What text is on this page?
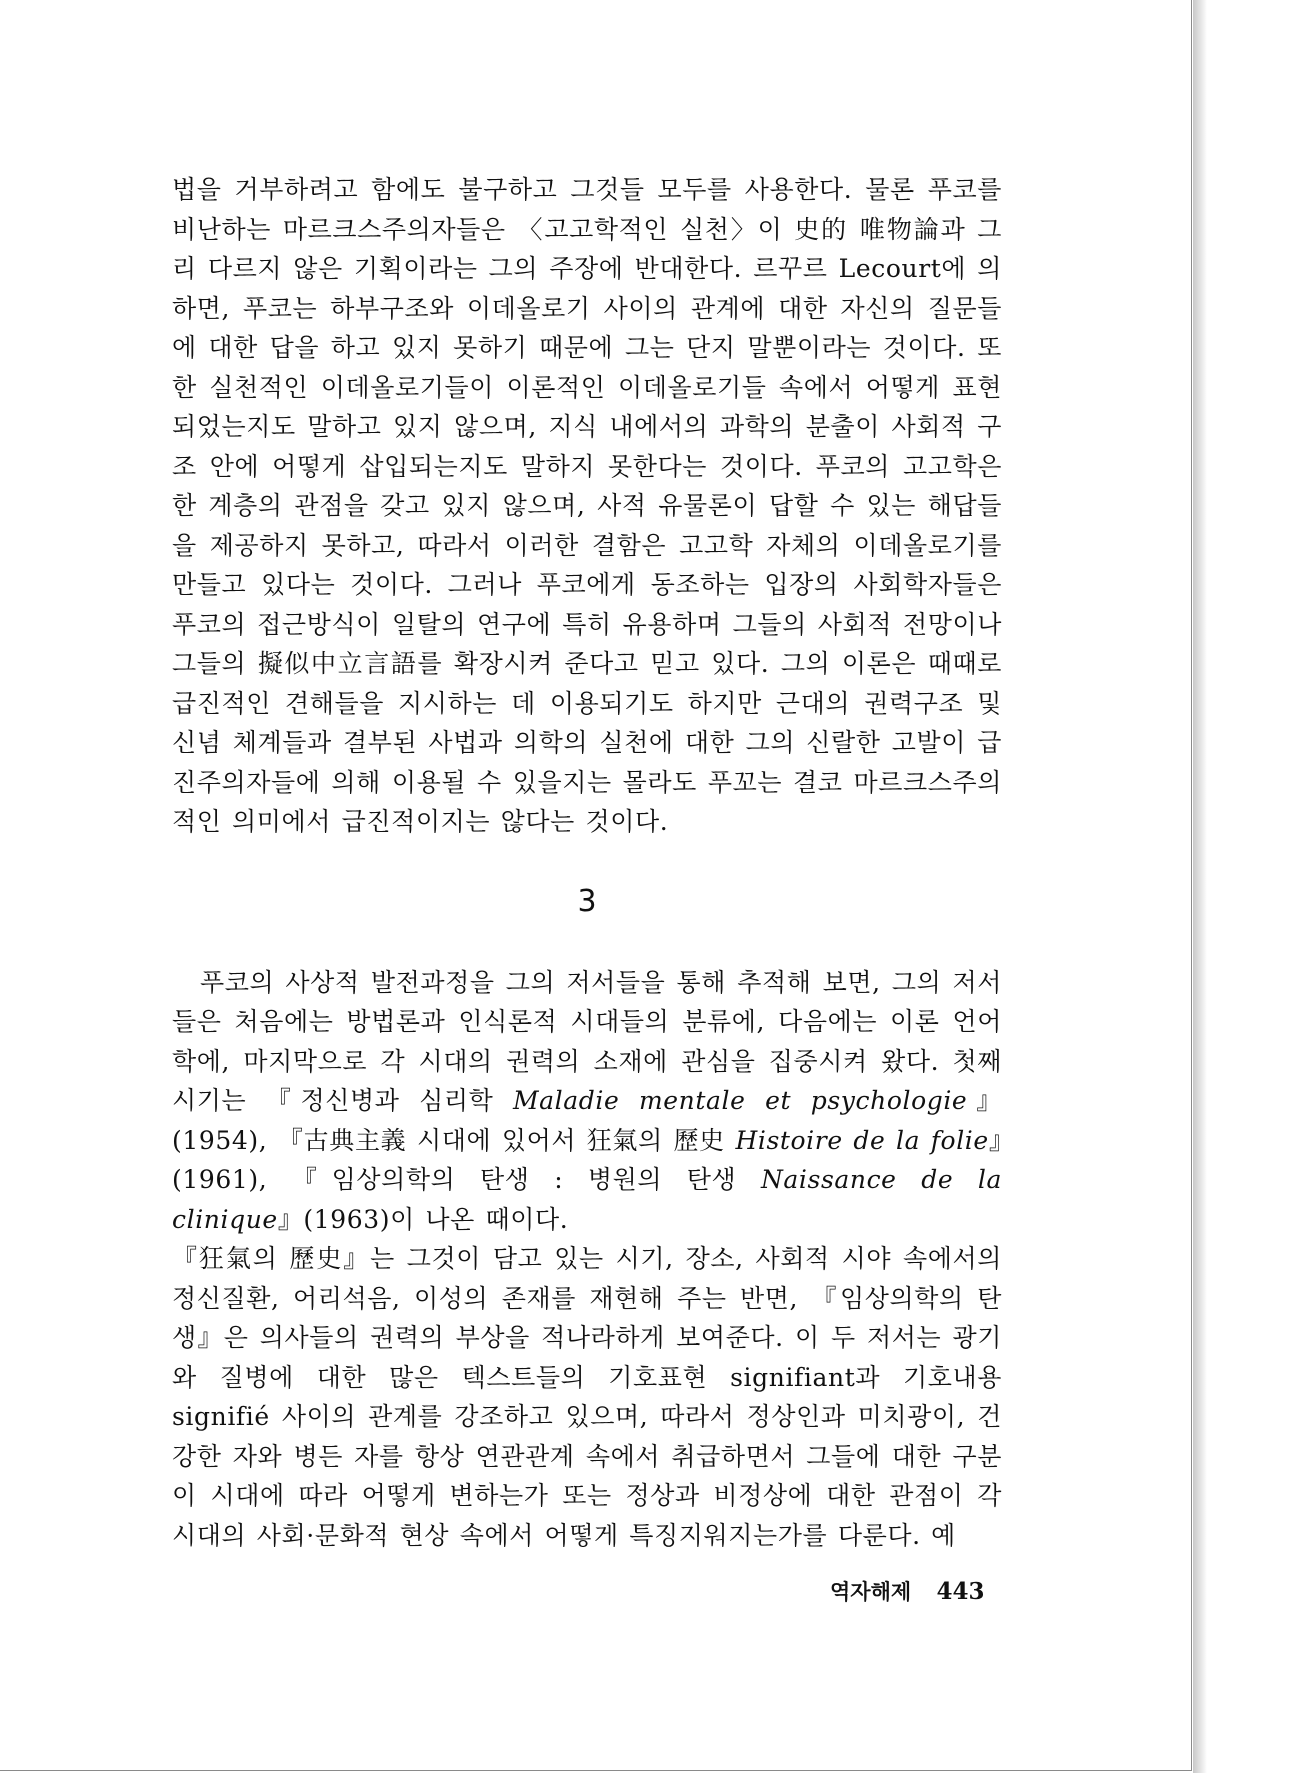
법을 거부하려고 함에도 불구하고 그것들 모두를 사용한다. 물론 푸코를 비난하는 마르크스주의자들은 〈고고학적인 실천〉이 史的 唯物論과 그리 다르지 않은 기획이라는 그의 주장에 반대한다. 르꾸르 Lecourt에 의하면, 푸코는 하부구조와 이데올로기 사이의 관계에 대한 자신의 질문들에 대한 답을 하고 있지 못하기 때문에 그는 단지 말뿐이라는 것이다. 또한 실천적인 이데올로기들이 이론적인 이데올로기들 속에서 어떻게 표현되었는지도 말하고 있지 않으며, 지식 내에서의 과학의 분출이 사회적 구조 안에 어떻게 삽입되는지도 말하지 못한다는 것이다. 푸코의 고고학은 한 계층의 관점을 갖고 있지 않으며, 사적 유물론이 답할 수 있는 해답들을 제공하지 못하고, 따라서 이러한 결함은 고고학 자체의 이데올로기를 만들고 있다는 것이다. 그러나 푸코에게 동조하는 입장의 사회학자들은 푸코의 접근방식이 일탈의 연구에 특히 유용하며 그들의 사회적 전망이나 그들의 擬似中立言語를 확장시켜 준다고 믿고 있다. 그의 이론은 때때로 급진적인 견해들을 지시하는 데 이용되기도 하지만 근대의 권력구조 및 신념 체계들과 결부된 사법과 의학의 실천에 대한 그의 신랄한 고발이 급진주의자들에 의해 이용될 수 있을지는 몰라도 푸꼬는 결코 마르크스주의적인 의미에서 급진적이지는 않다는 것이다.

3

푸코의 사상적 발전과정을 그의 저서들을 통해 추적해 보면, 그의 저서들은 처음에는 방법론과 인식론적 시대들의 분류에, 다음에는 이론 언어학에, 마지막으로 각 시대의 권력의 소재에 관심을 집중시켜 왔다. 첫째 시기는 『정신병과 심리학 Maladie mentale et psychologie』(1954), 『古典主義 시대에 있어서 狂氣의 歷史 Histoire de la folie』(1961), 『임상의학의 탄생 : 병원의 탄생 Naissance de la clinique』(1963)이 나온 때이다.

『狂氣의 歷史』는 그것이 담고 있는 시기, 장소, 사회적 시야 속에서의 정신질환, 어리석음, 이성의 존재를 재현해 주는 반면, 『임상의학의 탄생』은 의사들의 권력의 부상을 적나라하게 보여준다. 이 두 저서는 광기와 질병에 대한 많은 텍스트들의 기호표현 signifiant과 기호내용 signifié 사이의 관계를 강조하고 있으며, 따라서 정상인과 미치광이, 건강한 자와 병든 자를 항상 연관관계 속에서 취급하면서 그들에 대한 구분이 시대에 따라 어떻게 변하는가 또는 정상과 비정상에 대한 관점이 각 시대의 사회·문화적 현상 속에서 어떻게 특징지워지는가를 다룬다. 예

역자해제 443
